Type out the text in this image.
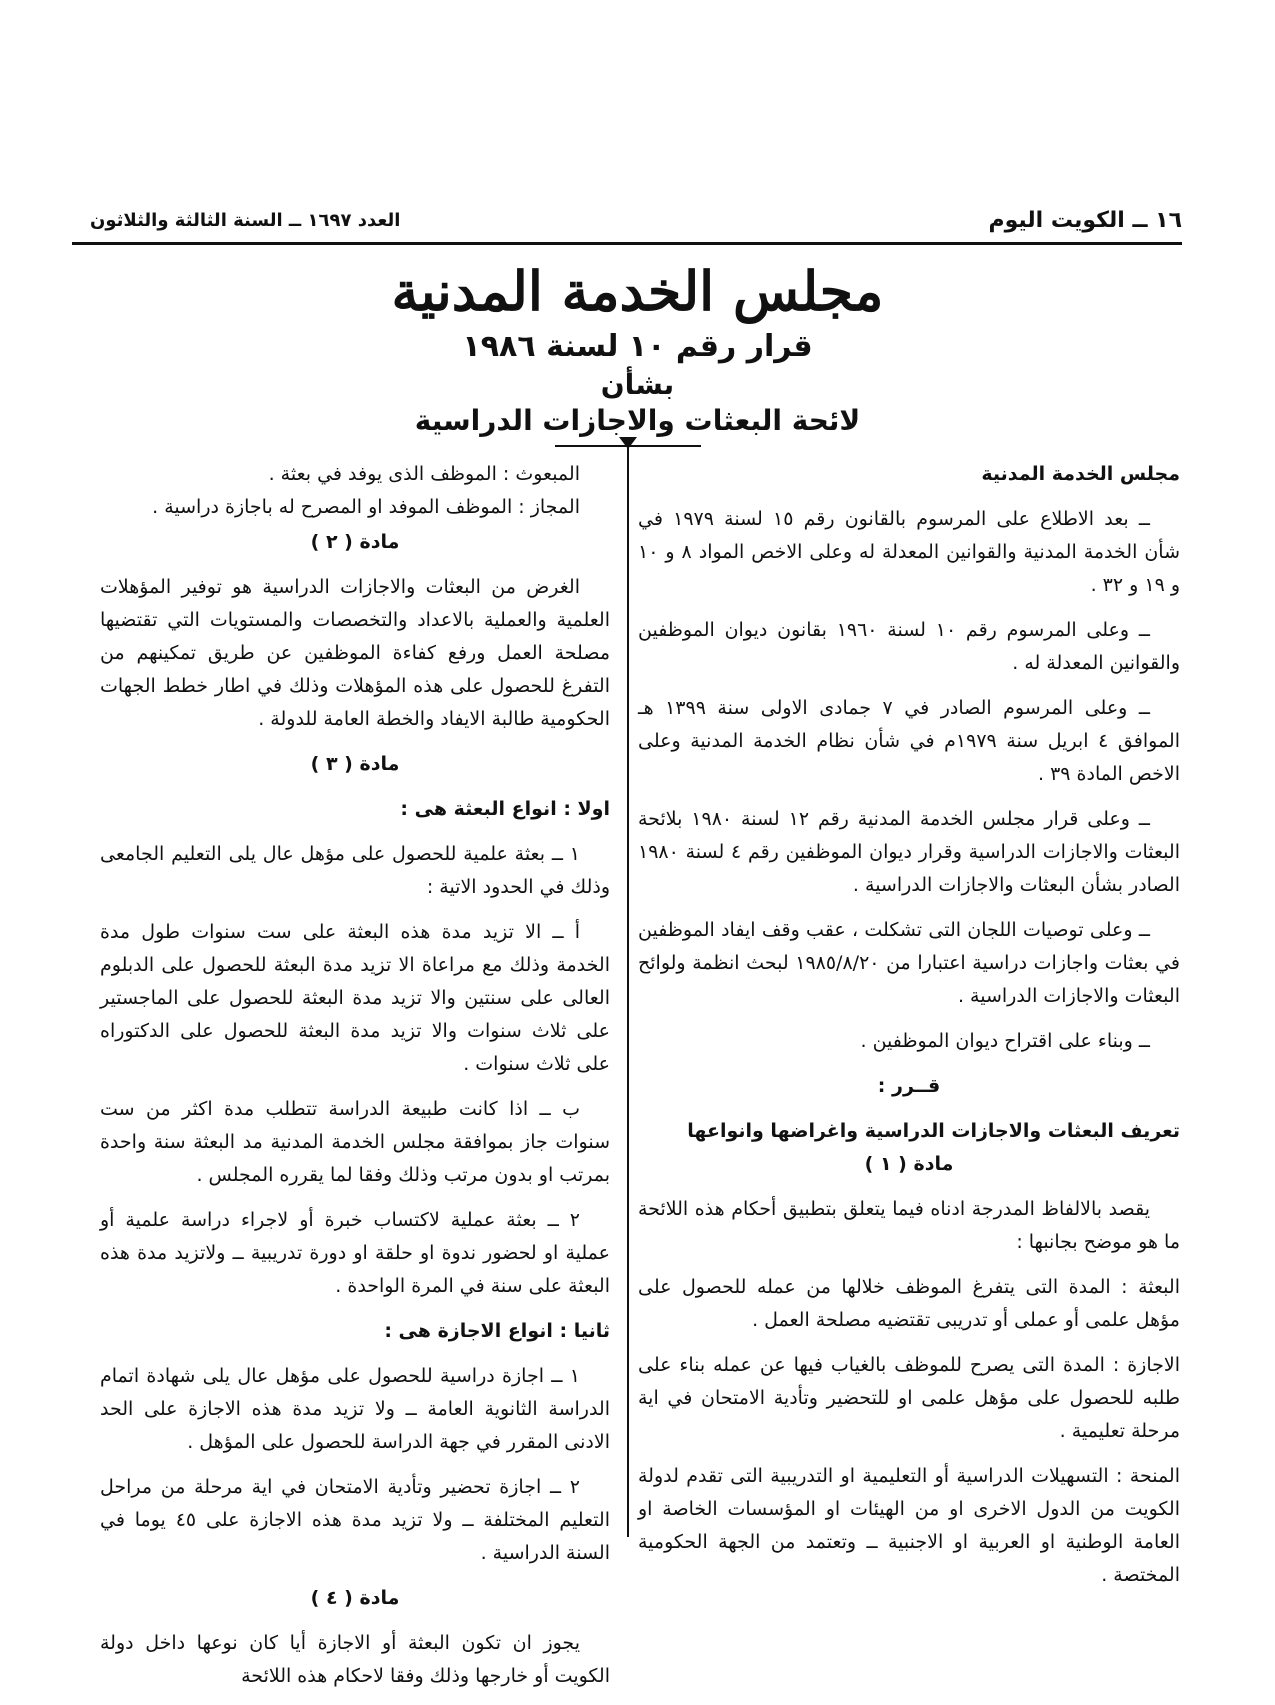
١٦ ــ الكويت اليوم
العدد ١٦٩٧ ــ السنة الثالثة والثلاثون
مجلس الخدمة المدنية
قرار رقم ١٠ لسنة ١٩٨٦
بشأن
لائحة البعثات والاجازات الدراسية

مجلس الخدمة المدنية

ــ بعد الاطلاع على المرسوم بالقانون رقم ١٥ لسنة ١٩٧٩ في شأن الخدمة المدنية والقوانين المعدلة له وعلى الاخص المواد ٨ و ١٠ و ١٩ و ٣٢ .

ــ وعلى المرسوم رقم ١٠ لسنة ١٩٦٠ بقانون ديوان الموظفين والقوانين المعدلة له .

ــ وعلى المرسوم الصادر في ٧ جمادى الاولى سنة ١٣٩٩ هـ الموافق ٤ ابريل سنة ١٩٧٩م في شأن نظام الخدمة المدنية وعلى الاخص المادة ٣٩ .

ــ وعلى قرار مجلس الخدمة المدنية رقم ١٢ لسنة ١٩٨٠ بلائحة البعثات والاجازات الدراسية وقرار ديوان الموظفين رقم ٤ لسنة ١٩٨٠ الصادر بشأن البعثات والاجازات الدراسية .

ــ وعلى توصيات اللجان التى تشكلت ، عقب وقف ايفاد الموظفين في بعثات واجازات دراسية اعتبارا من ١٩٨٥/٨/٢٠ لبحث انظمة ولوائح البعثات والاجازات الدراسية .

ــ وبناء على اقتراح ديوان الموظفين .

قــرر :

تعريف البعثات والاجازات الدراسية واغراضها وانواعها

مادة ( ١ )

يقصد بالالفاظ المدرجة ادناه فيما يتعلق بتطبيق أحكام هذه اللائحة ما هو موضح بجانبها :

البعثة : المدة التى يتفرغ الموظف خلالها من عمله للحصول على مؤهل علمى أو عملى أو تدريبى تقتضيه مصلحة العمل .

الاجازة : المدة التى يصرح للموظف بالغياب فيها عن عمله بناء على طلبه للحصول على مؤهل علمى او للتحضير وتأدية الامتحان في اية مرحلة تعليمية .

المنحة : التسهيلات الدراسية أو التعليمية او التدريبية التى تقدم لدولة الكويت من الدول الاخرى او من الهيئات او المؤسسات الخاصة او العامة الوطنية او العربية او الاجنبية ــ وتعتمد من الجهة الحكومية المختصة .

المبعوث : الموظف الذى يوفد في بعثة .

المجاز : الموظف الموفد او المصرح له باجازة دراسية .

مادة ( ٢ )

الغرض من البعثات والاجازات الدراسية هو توفير المؤهلات العلمية والعملية بالاعداد والتخصصات والمستويات التي تقتضيها مصلحة العمل ورفع كفاءة الموظفين عن طريق تمكينهم من التفرغ للحصول على هذه المؤهلات وذلك في اطار خطط الجهات الحكومية طالبة الايفاد والخطة العامة للدولة .

مادة ( ٣ )

اولا : انواع البعثة هى :

١ ــ بعثة علمية للحصول على مؤهل عال يلى التعليم الجامعى وذلك في الحدود الاتية :

أ ــ الا تزيد مدة هذه البعثة على ست سنوات طول مدة الخدمة وذلك مع مراعاة الا تزيد مدة البعثة للحصول على الدبلوم العالى على سنتين والا تزيد مدة البعثة للحصول على الماجستير على ثلاث سنوات والا تزيد مدة البعثة للحصول على الدكتوراه على ثلاث سنوات .

ب ــ اذا كانت طبيعة الدراسة تتطلب مدة اكثر من ست سنوات جاز بموافقة مجلس الخدمة المدنية مد البعثة سنة واحدة بمرتب او بدون مرتب وذلك وفقا لما يقرره المجلس .

٢ ــ بعثة عملية لاكتساب خبرة أو لاجراء دراسة علمية أو عملية او لحضور ندوة او حلقة او دورة تدريبية ــ ولاتزيد مدة هذه البعثة على سنة في المرة الواحدة .

ثانيا : انواع الاجازة هى :

١ ــ اجازة دراسية للحصول على مؤهل عال يلى شهادة اتمام الدراسة الثانوية العامة ــ ولا تزيد مدة هذه الاجازة على الحد الادنى المقرر في جهة الدراسة للحصول على المؤهل .

٢ ــ اجازة تحضير وتأدية الامتحان في اية مرحلة من مراحل التعليم المختلفة ــ ولا تزيد مدة هذه الاجازة على ٤٥ يوما في السنة الدراسية .

مادة ( ٤ )

يجوز ان تكون البعثة أو الاجازة أيا كان نوعها داخل دولة الكويت أو خارجها وذلك وفقا لاحكام هذه اللائحة
